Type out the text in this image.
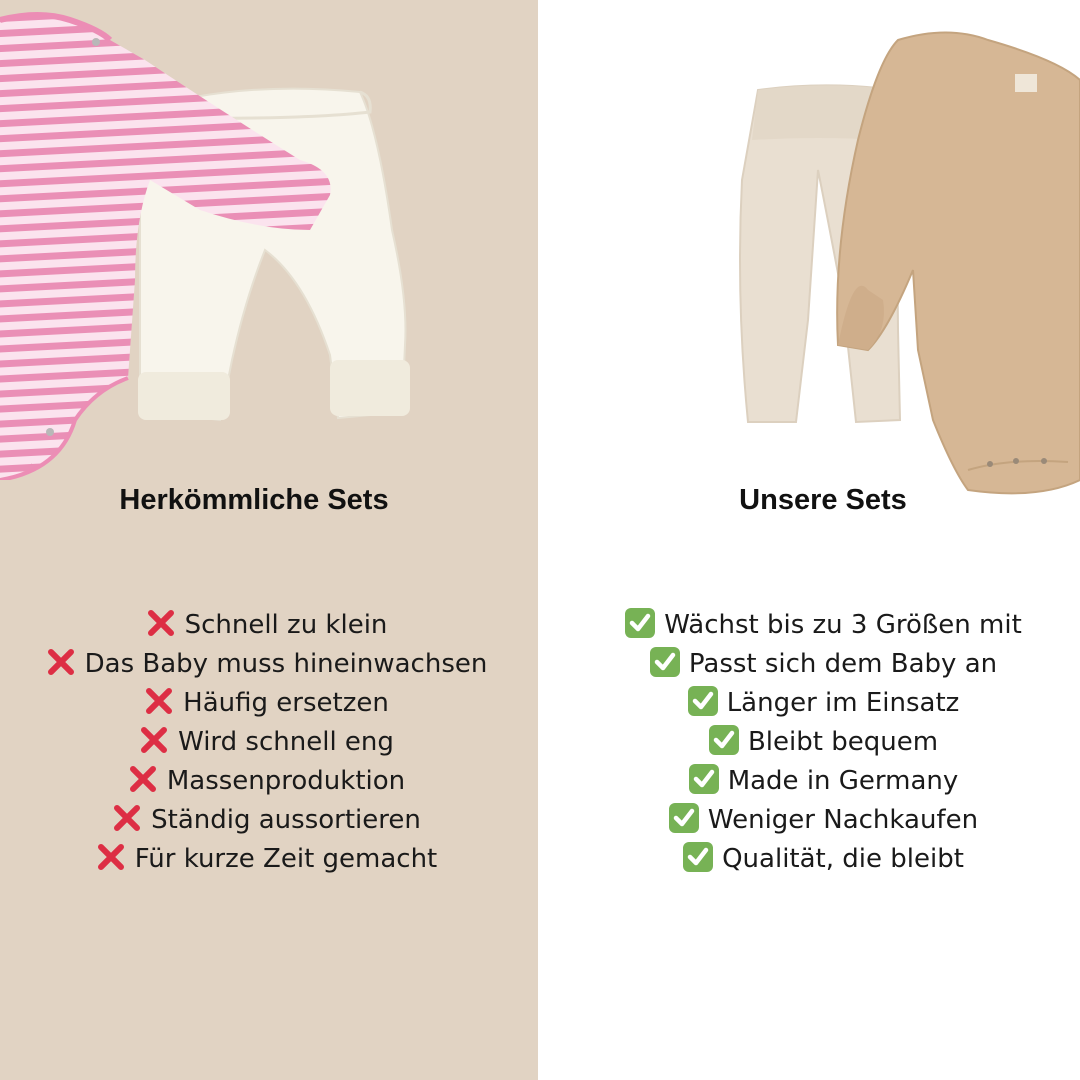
Herkömmliche Sets
Schnell zu klein
Das Baby muss hineinwachsen
Häufig ersetzen
Wird schnell eng
Massenproduktion
Ständig aussortieren
Für kurze Zeit gemacht
Unsere Sets
Wächst bis zu 3 Größen mit
Passt sich dem Baby an
Länger im Einsatz
Bleibt bequem
Made in Germany
Weniger Nachkaufen
Qualität, die bleibt
